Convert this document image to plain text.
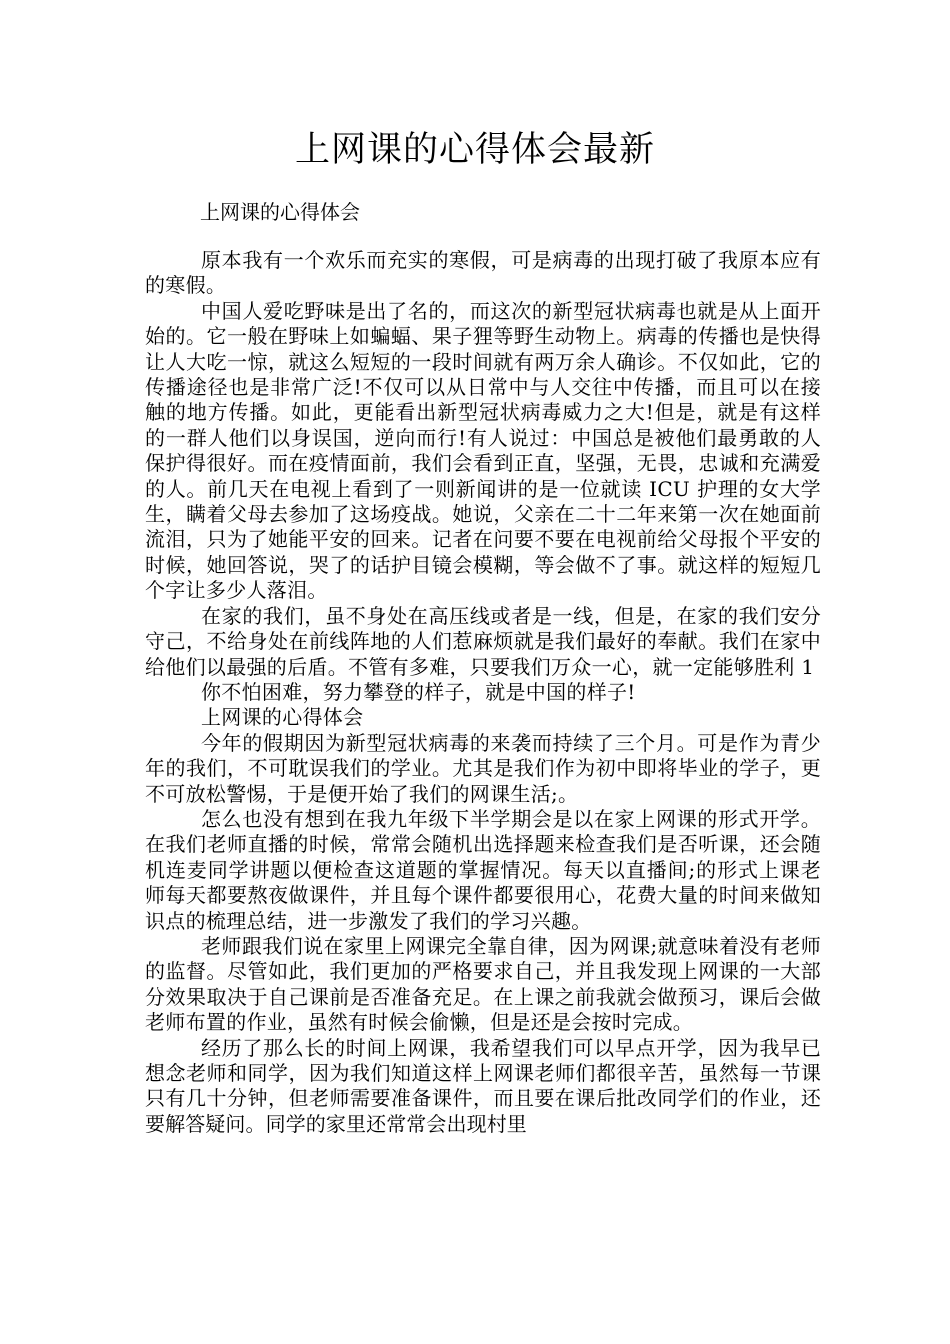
上网课的心得体会最新

上网课的心得体会

原本我有一个欢乐而充实的寒假，可是病毒的出现打破了我原本应有的寒假。

中国人爱吃野味是出了名的，而这次的新型冠状病毒也就是从上面开始的。它一般在野味上如蝙蝠、果子狸等野生动物上。病毒的传播也是快得让人大吃一惊，就这么短短的一段时间就有两万余人确诊。不仅如此，它的传播途径也是非常广泛!不仅可以从日常中与人交往中传播，而且可以在接触的地方传播。如此，更能看出新型冠状病毒威力之大!但是，就是有这样的一群人他们以身误国，逆向而行!有人说过：中国总是被他们最勇敢的人保护得很好。而在疫情面前，我们会看到正直，坚强，无畏，忠诚和充满爱的人。前几天在电视上看到了一则新闻讲的是一位就读 ICU 护理的女大学生，瞒着父母去参加了这场疫战。她说，父亲在二十二年来第一次在她面前流泪，只为了她能平安的回来。记者在问要不要在电视前给父母报个平安的时候，她回答说，哭了的话护目镜会模糊，等会做不了事。就这样的短短几个字让多少人落泪。

在家的我们，虽不身处在高压线或者是一线，但是，在家的我们安分守己，不给身处在前线阵地的人们惹麻烦就是我们最好的奉献。我们在家中给他们以最强的后盾。不管有多难，只要我们万众一心，就一定能够胜利 1

你不怕困难，努力攀登的样子，就是中国的样子!

上网课的心得体会

今年的假期因为新型冠状病毒的来袭而持续了三个月。可是作为青少年的我们，不可耽误我们的学业。尤其是我们作为初中即将毕业的学子，更不可放松警惕，于是便开始了我们的网课生活;。

怎么也没有想到在我九年级下半学期会是以在家上网课的形式开学。在我们老师直播的时候，常常会随机出选择题来检查我们是否听课，还会随机连麦同学讲题以便检查这道题的掌握情况。每天以直播间;的形式上课老师每天都要熬夜做课件，并且每个课件都要很用心，花费大量的时间来做知识点的梳理总结，进一步激发了我们的学习兴趣。

老师跟我们说在家里上网课完全靠自律，因为网课;就意味着没有老师的监督。尽管如此，我们更加的严格要求自己，并且我发现上网课的一大部分效果取决于自己课前是否准备充足。在上课之前我就会做预习，课后会做老师布置的作业，虽然有时候会偷懒，但是还是会按时完成。

经历了那么长的时间上网课，我希望我们可以早点开学，因为我早已想念老师和同学，因为我们知道这样上网课老师们都很辛苦，虽然每一节课只有几十分钟，但老师需要准备课件，而且要在课后批改同学们的作业，还要解答疑问。同学的家里还常常会出现村里
